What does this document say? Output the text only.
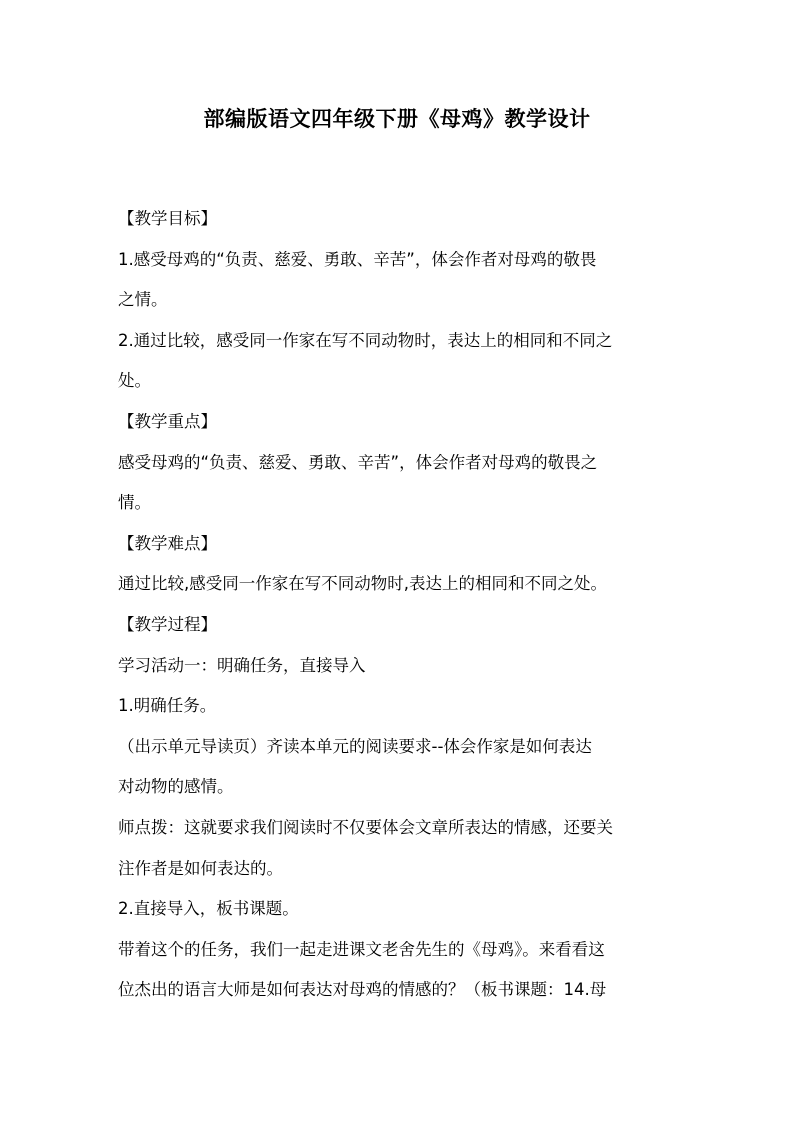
部编版语文四年级下册《母鸡》教学设计
【教学目标】
1.感受母鸡的“负责、慈爱、勇敢、辛苦”，体会作者对母鸡的敬畏
之情。
2.通过比较，感受同一作家在写不同动物时，表达上的相同和不同之
处。
【教学重点】
感受母鸡的“负责、慈爱、勇敢、辛苦”，体会作者对母鸡的敬畏之
情。
【教学难点】
通过比较,感受同一作家在写不同动物时,表达上的相同和不同之处。
【教学过程】
学习活动一：明确任务，直接导入
1.明确任务。
（出示单元导读页）齐读本单元的阅读要求--体会作家是如何表达
对动物的感情。
师点拨：这就要求我们阅读时不仅要体会文章所表达的情感，还要关
注作者是如何表达的。
2.直接导入，板书课题。
带着这个的任务，我们一起走进课文老舍先生的《母鸡》。来看看这
位杰出的语言大师是如何表达对母鸡的情感的？（板书课题：14.母
